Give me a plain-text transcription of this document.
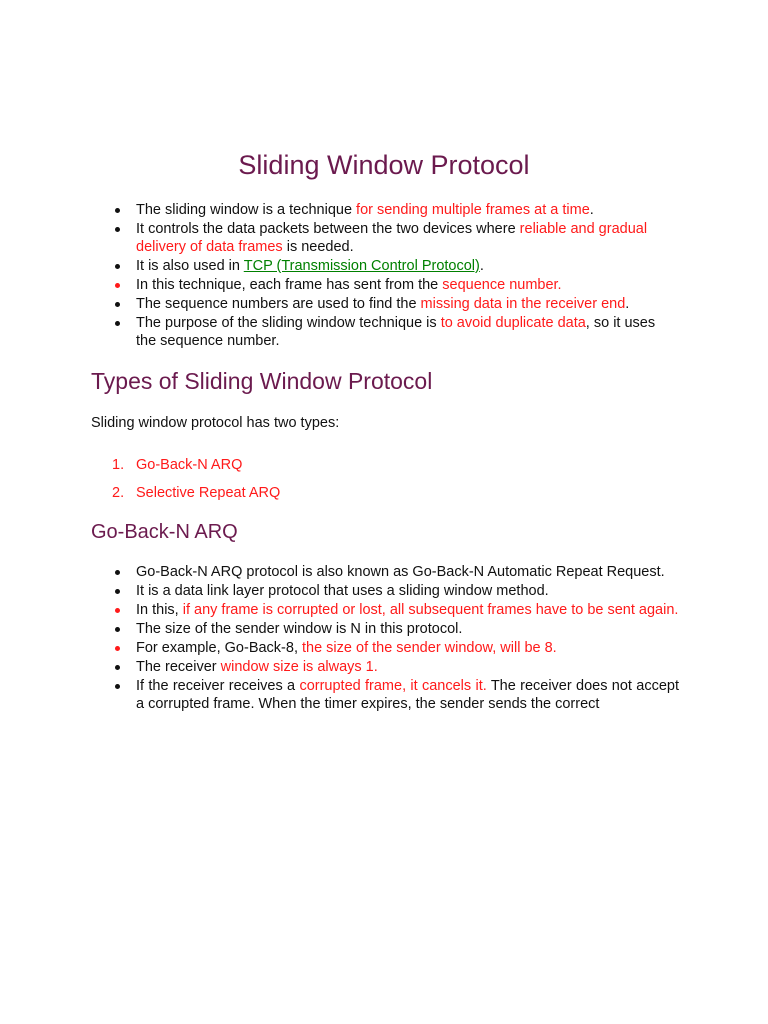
Sliding Window Protocol
The sliding window is a technique for sending multiple frames at a time.
It controls the data packets between the two devices where reliable and gradual delivery of data frames is needed.
It is also used in TCP (Transmission Control Protocol).
In this technique, each frame has sent from the sequence number.
The sequence numbers are used to find the missing data in the receiver end.
The purpose of the sliding window technique is to avoid duplicate data, so it uses the sequence number.
Types of Sliding Window Protocol

Sliding window protocol has two types:

1. Go-Back-N ARQ
2. Selective Repeat ARQ
Go-Back-N ARQ
Go-Back-N ARQ protocol is also known as Go-Back-N Automatic Repeat Request.
It is a data link layer protocol that uses a sliding window method.
In this, if any frame is corrupted or lost, all subsequent frames have to be sent again.
The size of the sender window is N in this protocol.
For example, Go-Back-8, the size of the sender window, will be 8.
The receiver window size is always 1.
If the receiver receives a corrupted frame, it cancels it. The receiver does not accept a corrupted frame. When the timer expires, the sender sends the correct
